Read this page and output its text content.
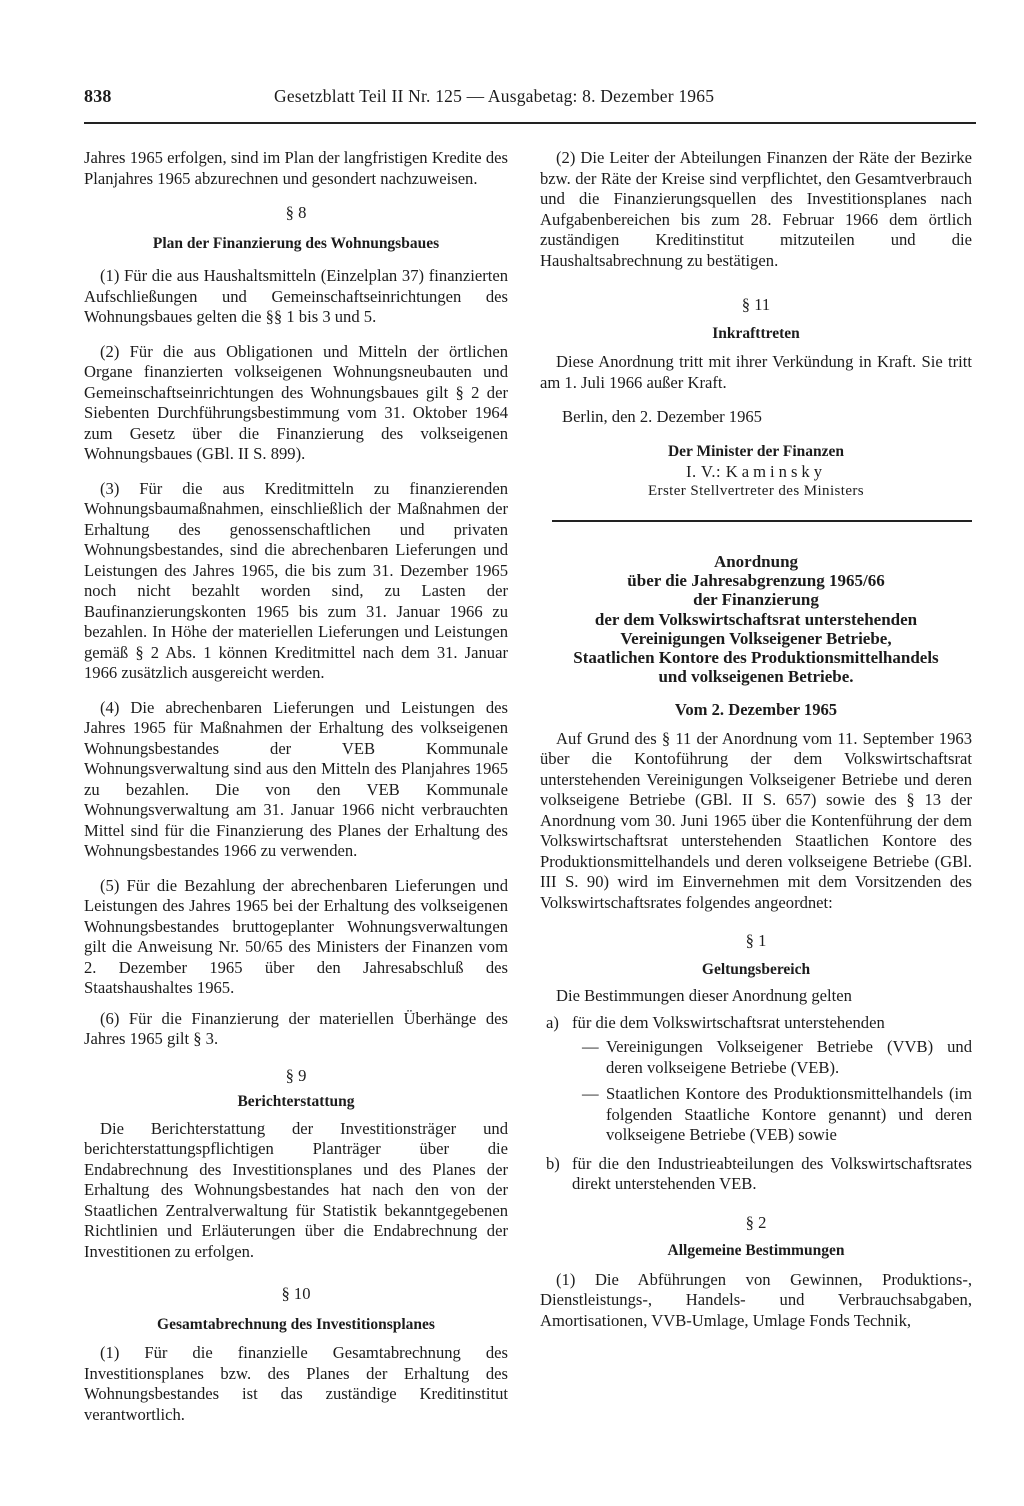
838	Gesetzblatt Teil II Nr. 125 — Ausgabetag: 8. Dezember 1965

Jahres 1965 erfolgen, sind im Plan der langfristigen Kredite des Planjahres 1965 abzurechnen und gesondert nachzuweisen.

§ 8
Plan der Finanzierung des Wohnungsbaues

(1) Für die aus Haushaltsmitteln (Einzelplan 37) finanzierten Aufschließungen und Gemeinschaftseinrichtungen des Wohnungsbaues gelten die §§ 1 bis 3 und 5.

(2) Für die aus Obligationen und Mitteln der örtlichen Organe finanzierten volkseigenen Wohnungsneubauten und Gemeinschaftseinrichtungen des Wohnungsbaues gilt § 2 der Siebenten Durchführungsbestimmung vom 31. Oktober 1964 zum Gesetz über die Finanzierung des volkseigenen Wohnungsbaues (GBl. II S. 899).

(3) Für die aus Kreditmitteln zu finanzierenden Wohnungsbaumaßnahmen, einschließlich der Maßnahmen der Erhaltung des genossenschaftlichen und privaten Wohnungsbestandes, sind die abrechenbaren Lieferungen und Leistungen des Jahres 1965, die bis zum 31. Dezember 1965 noch nicht bezahlt worden sind, zu Lasten der Baufinanzierungskonten 1965 bis zum 31. Januar 1966 zu bezahlen. In Höhe der materiellen Lieferungen und Leistungen gemäß § 2 Abs. 1 können Kreditmittel nach dem 31. Januar 1966 zusätzlich ausgereicht werden.

(4) Die abrechenbaren Lieferungen und Leistungen des Jahres 1965 für Maßnahmen der Erhaltung des volkseigenen Wohnungsbestandes der VEB Kommunale Wohnungsverwaltung sind aus den Mitteln des Planjahres 1965 zu bezahlen. Die von den VEB Kommunale Wohnungsverwaltung am 31. Januar 1966 nicht verbrauchten Mittel sind für die Finanzierung des Planes der Erhaltung des Wohnungsbestandes 1966 zu verwenden.

(5) Für die Bezahlung der abrechenbaren Lieferungen und Leistungen des Jahres 1965 bei der Erhaltung des volkseigenen Wohnungsbestandes bruttogeplanter Wohnungsverwaltungen gilt die Anweisung Nr. 50/65 des Ministers der Finanzen vom 2. Dezember 1965 über den Jahresabschluß des Staatshaushaltes 1965.

(6) Für die Finanzierung der materiellen Überhänge des Jahres 1965 gilt § 3.

§ 9
Berichterstattung

Die Berichterstattung der Investitionsträger und berichterstattungspflichtigen Planträger über die Endabrechnung des Investitionsplanes und des Planes der Erhaltung des Wohnungsbestandes hat nach den von der Staatlichen Zentralverwaltung für Statistik bekanntgegebenen Richtlinien und Erläuterungen über die Endabrechnung der Investitionen zu erfolgen.

§ 10
Gesamtabrechnung des Investitionsplanes

(1) Für die finanzielle Gesamtabrechnung des Investitionsplanes bzw. des Planes der Erhaltung des Wohnungsbestandes ist das zuständige Kreditinstitut verantwortlich.

(2) Die Leiter der Abteilungen Finanzen der Räte der Bezirke bzw. der Räte der Kreise sind verpflichtet, den Gesamtverbrauch und die Finanzierungsquellen des Investitionsplanes nach Aufgabenbereichen bis zum 28. Februar 1966 dem örtlich zuständigen Kreditinstitut mitzuteilen und die Haushaltsabrechnung zu bestätigen.

§ 11
Inkrafttreten

Diese Anordnung tritt mit ihrer Verkündung in Kraft. Sie tritt am 1. Juli 1966 außer Kraft.

Berlin, den 2. Dezember 1965
Der Minister der Finanzen
I. V.: Kaminsky
Erster Stellvertreter des Ministers
Anordnung
über die Jahresabgrenzung 1965/66
der Finanzierung
der dem Volkswirtschaftsrat unterstehenden
Vereinigungen Volkseigener Betriebe,
Staatlichen Kontore des Produktionsmittelhandels
und volkseigenen Betriebe.
Vom 2. Dezember 1965

Auf Grund des § 11 der Anordnung vom 11. September 1963 über die Kontoführung der dem Volkswirtschaftsrat unterstehenden Vereinigungen Volkseigener Betriebe und deren volkseigene Betriebe (GBl. II S. 657) sowie des § 13 der Anordnung vom 30. Juni 1965 über die Kontenführung der dem Volkswirtschaftsrat unterstehenden Staatlichen Kontore des Produktionsmittelhandels und deren volkseigene Betriebe (GBl. III S. 90) wird im Einvernehmen mit dem Vorsitzenden des Volkswirtschaftsrates folgendes angeordnet:

§ 1
Geltungsbereich

Die Bestimmungen dieser Anordnung gelten

a) für die dem Volkswirtschaftsrat unterstehenden
— Vereinigungen Volkseigener Betriebe (VVB) und deren volkseigene Betriebe (VEB).
— Staatlichen Kontore des Produktionsmittelhandels (im folgenden Staatliche Kontore genannt) und deren volkseigene Betriebe (VEB) sowie
b) für die den Industrieabteilungen des Volkswirtschaftsrates direkt unterstehenden VEB.
§ 2
Allgemeine Bestimmungen

(1) Die Abführungen von Gewinnen, Produktions-, Dienstleistungs-, Handels- und Verbrauchsabgaben, Amortisationen, VVB-Umlage, Umlage Fonds Technik,
